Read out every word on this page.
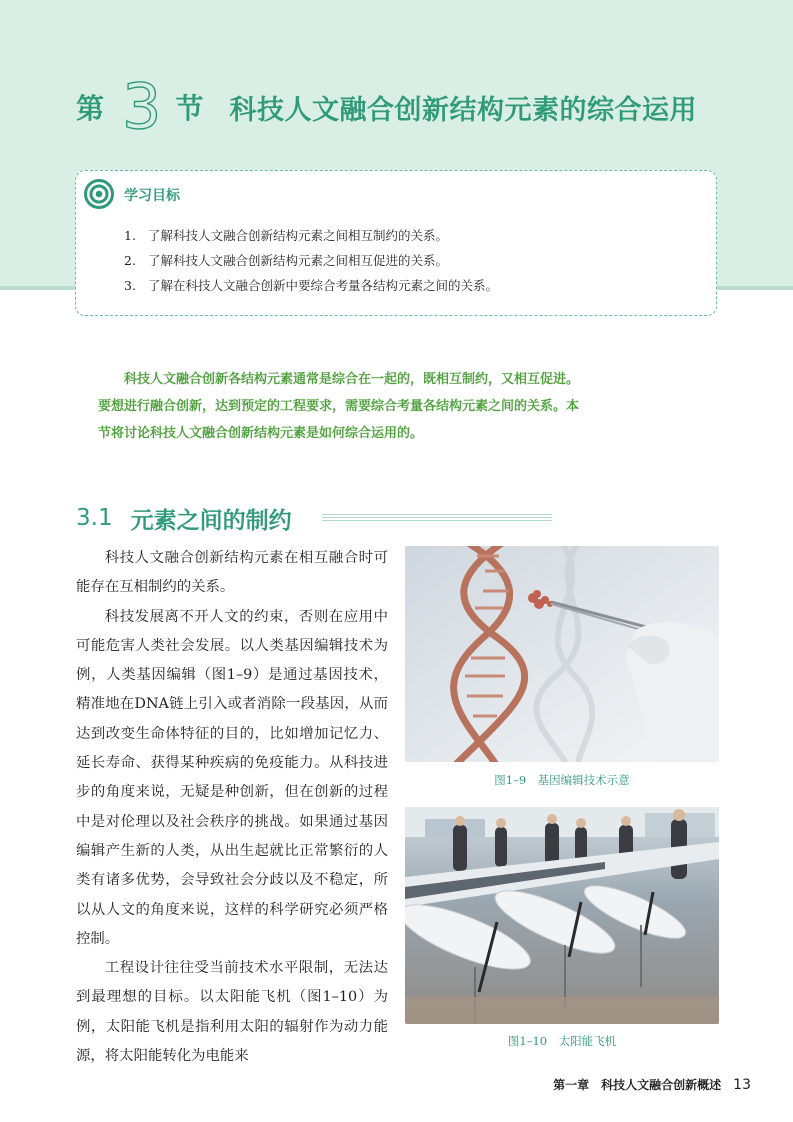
第 3 节 科技人文融合创新结构元素的综合运用
学习目标
1. 了解科技人文融合创新结构元素之间相互制约的关系。
2. 了解科技人文融合创新结构元素之间相互促进的关系。
3. 了解在科技人文融合创新中要综合考量各结构元素之间的关系。

科技人文融合创新各结构元素通常是综合在一起的，既相互制约，又相互促进。

要想进行融合创新，达到预定的工程要求，需要综合考量各结构元素之间的关系。本

节将讨论科技人文融合创新结构元素是如何综合运用的。

3.1 元素之间的制约

科技人文融合创新结构元素在相互融合时可能存在互相制约的关系。

科技发展离不开人文的约束，否则在应用中可能危害人类社会发展。以人类基因编辑技术为例，人类基因编辑（图1–9）是通过基因技术，精准地在DNA链上引入或者消除一段基因，从而达到改变生命体特征的目的，比如增加记忆力、延长寿命、获得某种疾病的免疫能力。从科技进步的角度来说，无疑是种创新，但在创新的过程中是对伦理以及社会秩序的挑战。如果通过基因编辑产生新的人类，从出生起就比正常繁衍的人类有诸多优势，会导致社会分歧以及不稳定，所以从人文的角度来说，这样的科学研究必须严格控制。

工程设计往往受当前技术水平限制，无法达到最理想的目标。以太阳能飞机（图1–10）为例，太阳能飞机是指利用太阳的辐射作为动力能源，将太阳能转化为电能来

图1–9　基因编辑技术示意
图1–10　太阳能飞机
第一章　科技人文融合创新概述 13
